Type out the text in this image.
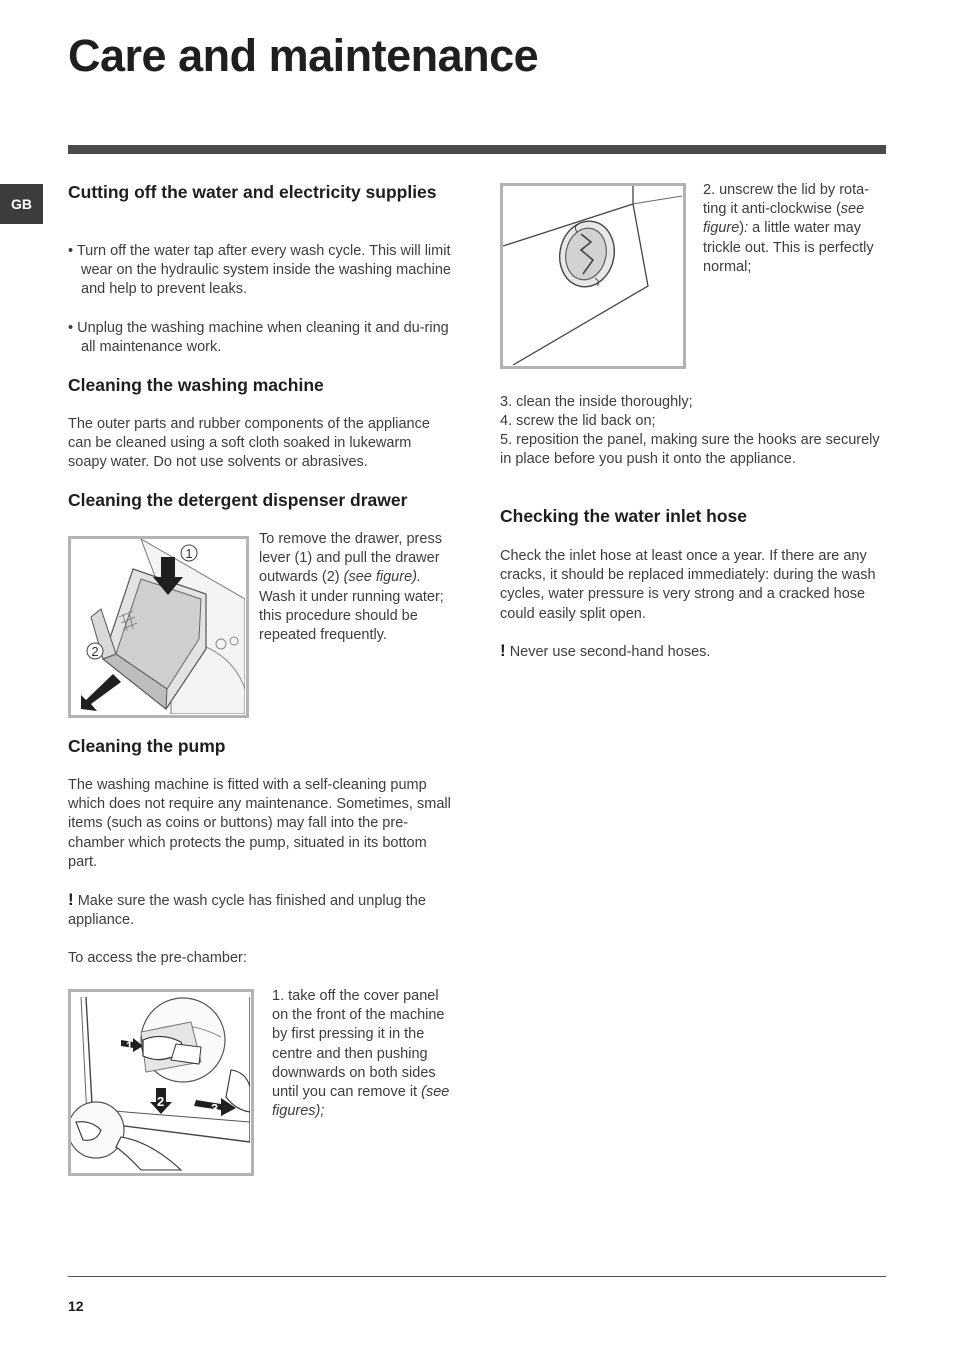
Care and maintenance
GB
Cutting off the water and electricity supplies

• Turn off the water tap after every wash cycle. This will limit wear on the hydraulic system inside the washing machine and help to prevent leaks.

• Unplug the washing machine when cleaning it and du-ring all maintenance work.

Cleaning the washing machine

The outer parts and rubber components of the appliance can be cleaned using a soft cloth soaked in lukewarm soapy water. Do not use solvents or abrasives.

Cleaning the detergent dispenser drawer
1
2

To remove the drawer, press lever (1) and pull the drawer outwards (2) (see figure). Wash it under running water; this procedure should be repeated frequently.

Cleaning the pump

The washing machine is fitted with a self-cleaning pump which does not require any maintenance. Sometimes, small items (such as coins or buttons) may fall into the pre-chamber which protects the pump, situated in its bottom part.

! Make sure the wash cycle has finished and unplug the appliance.

To access the pre-chamber:

1
2	3

1. take off the cover panel on the front of the machine by first pressing it in the centre and then pushing downwards on both sides until you can remove it (see figures);

2. unscrew the lid by rota-ting it anti-clockwise (see figure): a little water may trickle out. This is perfectly normal;

3. clean the inside thoroughly;

4. screw the lid back on;

5. reposition the panel, making sure the hooks are securely in place before you push it onto the appliance.

Checking the water inlet hose

Check the inlet hose at least once a year. If there are any cracks, it should be replaced immediately: during the wash cycles, water pressure is very strong and a cracked hose could easily split open.

! Never use second-hand hoses.

12
